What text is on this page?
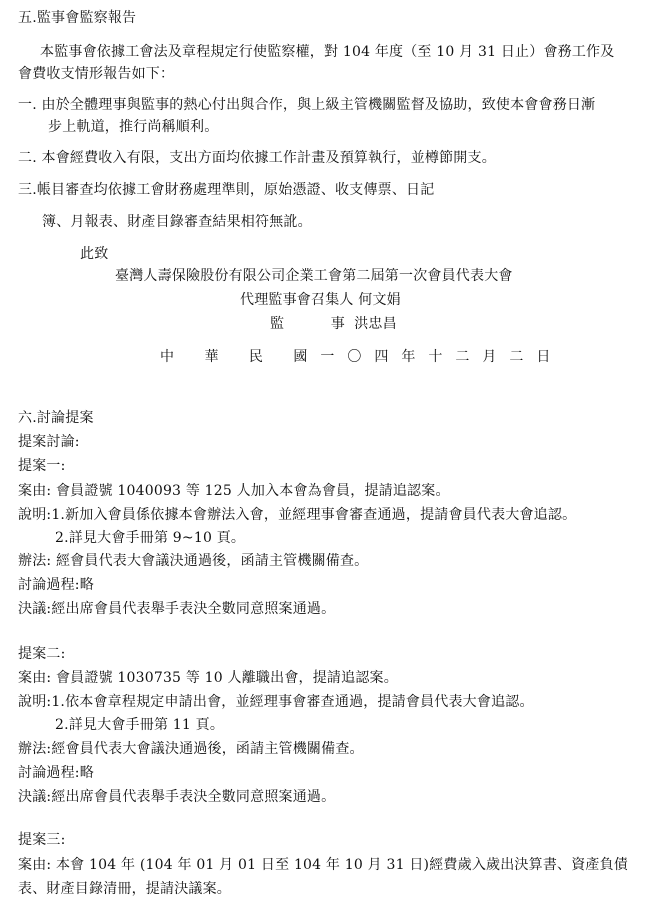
五.監事會監察報告
本監事會依據工會法及章程規定行使監察權，對 104 年度（至 10 月 31 日止）會務工作及
會費收支情形報告如下：
一. 由於全體理事與監事的熱心付出與合作，與上級主管機關監督及協助，致使本會會務日漸
步上軌道，推行尚稱順利。
二. 本會經費收入有限，支出方面均依據工作計畫及預算執行，並樽節開支。
三.帳目審查均依據工會財務處理準則，原始憑證、收支傳票、日記
簿、月報表、財產目錄審查結果相符無訛。
此致
臺灣人壽保險股份有限公司企業工會第二屆第一次會員代表大會
代理監事會召集人 何文娟
監          事  洪忠昌
中 華 民 國一〇四年十二月二日
六.討論提案
提案討論:
提案一:
案由: 會員證號 1040093 等 125 人加入本會為會員，提請追認案。
說明:1.新加入會員係依據本會辦法入會，並經理事會審查通過，提請會員代表大會追認。
2.詳見大會手冊第 9~10 頁。
辦法: 經會員代表大會議決通過後，函請主管機關備查。
討論過程:略
決議:經出席會員代表舉手表決全數同意照案通過。
提案二:
案由: 會員證號 1030735 等 10 人離職出會，提請追認案。
說明:1.依本會章程規定申請出會，並經理事會審查通過，提請會員代表大會追認。
2.詳見大會手冊第 11 頁。
辦法:經會員代表大會議決通過後，函請主管機關備查。
討論過程:略
決議:經出席會員代表舉手表決全數同意照案通過。
提案三:
案由: 本會 104 年 (104 年 01 月 01 日至 104 年 10 月 31 日)經費歲入歲出決算書、資產負債
表、財產目錄清冊，提請決議案。
